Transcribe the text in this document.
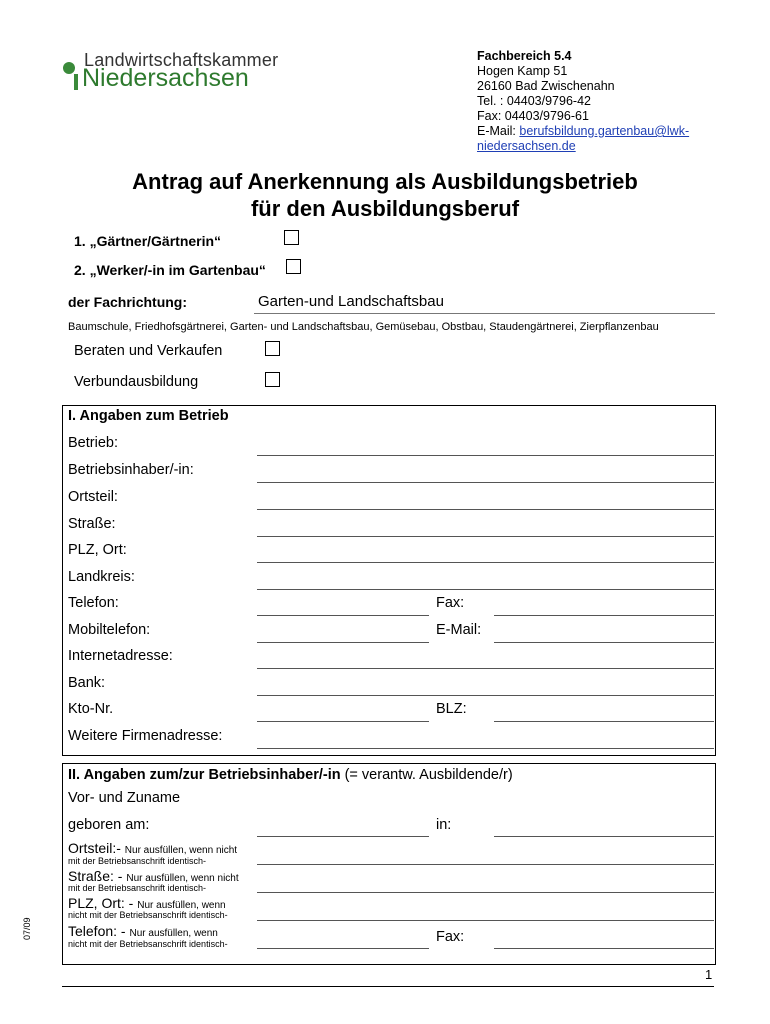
Landwirtschaftskammer
Niedersachsen
Fachbereich 5.4
Hogen Kamp 51
26160 Bad Zwischenahn
Tel. : 04403/9796-42
Fax: 04403/9796-61
E-Mail: berufsbildung.gartenbau@lwk-
niedersachsen.de
Antrag auf Anerkennung als Ausbildungsbetrieb
für den Ausbildungsberuf
1. „Gärtner/Gärtnerin“
2. „Werker/-in im Gartenbau“
der Fachrichtung:	Garten-und Landschaftsbau
Baumschule, Friedhofsgärtnerei, Garten- und Landschaftsbau, Gemüsebau, Obstbau, Staudengärtnerei, Zierpflanzenbau
Beraten und Verkaufen
Verbundausbildung
I. Angaben zum Betrieb
Betrieb:
Betriebsinhaber/-in:
Ortsteil:
Straße:
PLZ, Ort:
Landkreis:
Telefon:	Fax:
Mobiltelefon:	E-Mail:
Internetadresse:
Bank:
Kto-Nr.	BLZ:
Weitere Firmenadresse:
II. Angaben zum/zur Betriebsinhaber/-in (= verantw. Ausbildende/r)
Vor- und Zuname
geboren am:	in:
Ortsteil:- Nur ausfüllen, wenn nicht
mit der Betriebsanschrift identisch-
Straße: - Nur ausfüllen, wenn nicht
mit der Betriebsanschrift identisch-
PLZ, Ort: - Nur ausfüllen, wenn
nicht mit der Betriebsanschrift identisch-
Telefon: - Nur ausfüllen, wenn
nicht mit der Betriebsanschrift identisch-	Fax:
07/09
1
